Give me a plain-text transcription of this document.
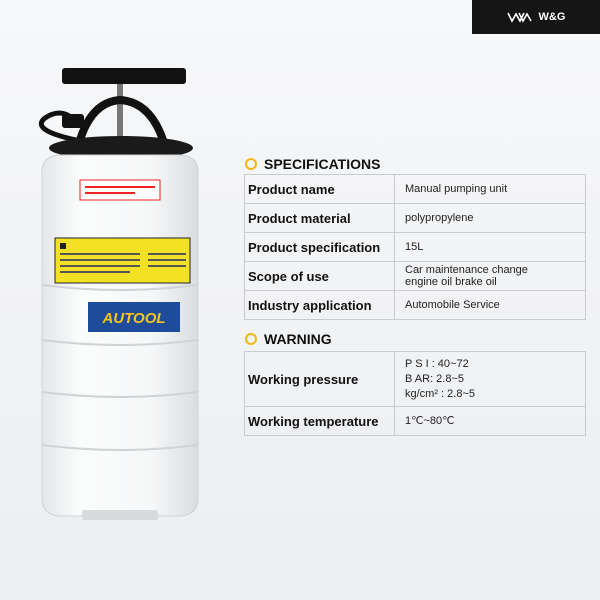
W&G
AUTOOL
SPECIFICATIONS
Product name	Manual pumping unit

Product material	polypropylene

Product specification	15L

Scope of use	Car maintenance change
engine oil brake oil

Industry application	Automobile Service
WARNING
Working pressure	P S I : 40~72
B AR: 2.8~5
kg/cm² : 2.8~5

Working temperature	1℃~80℃
